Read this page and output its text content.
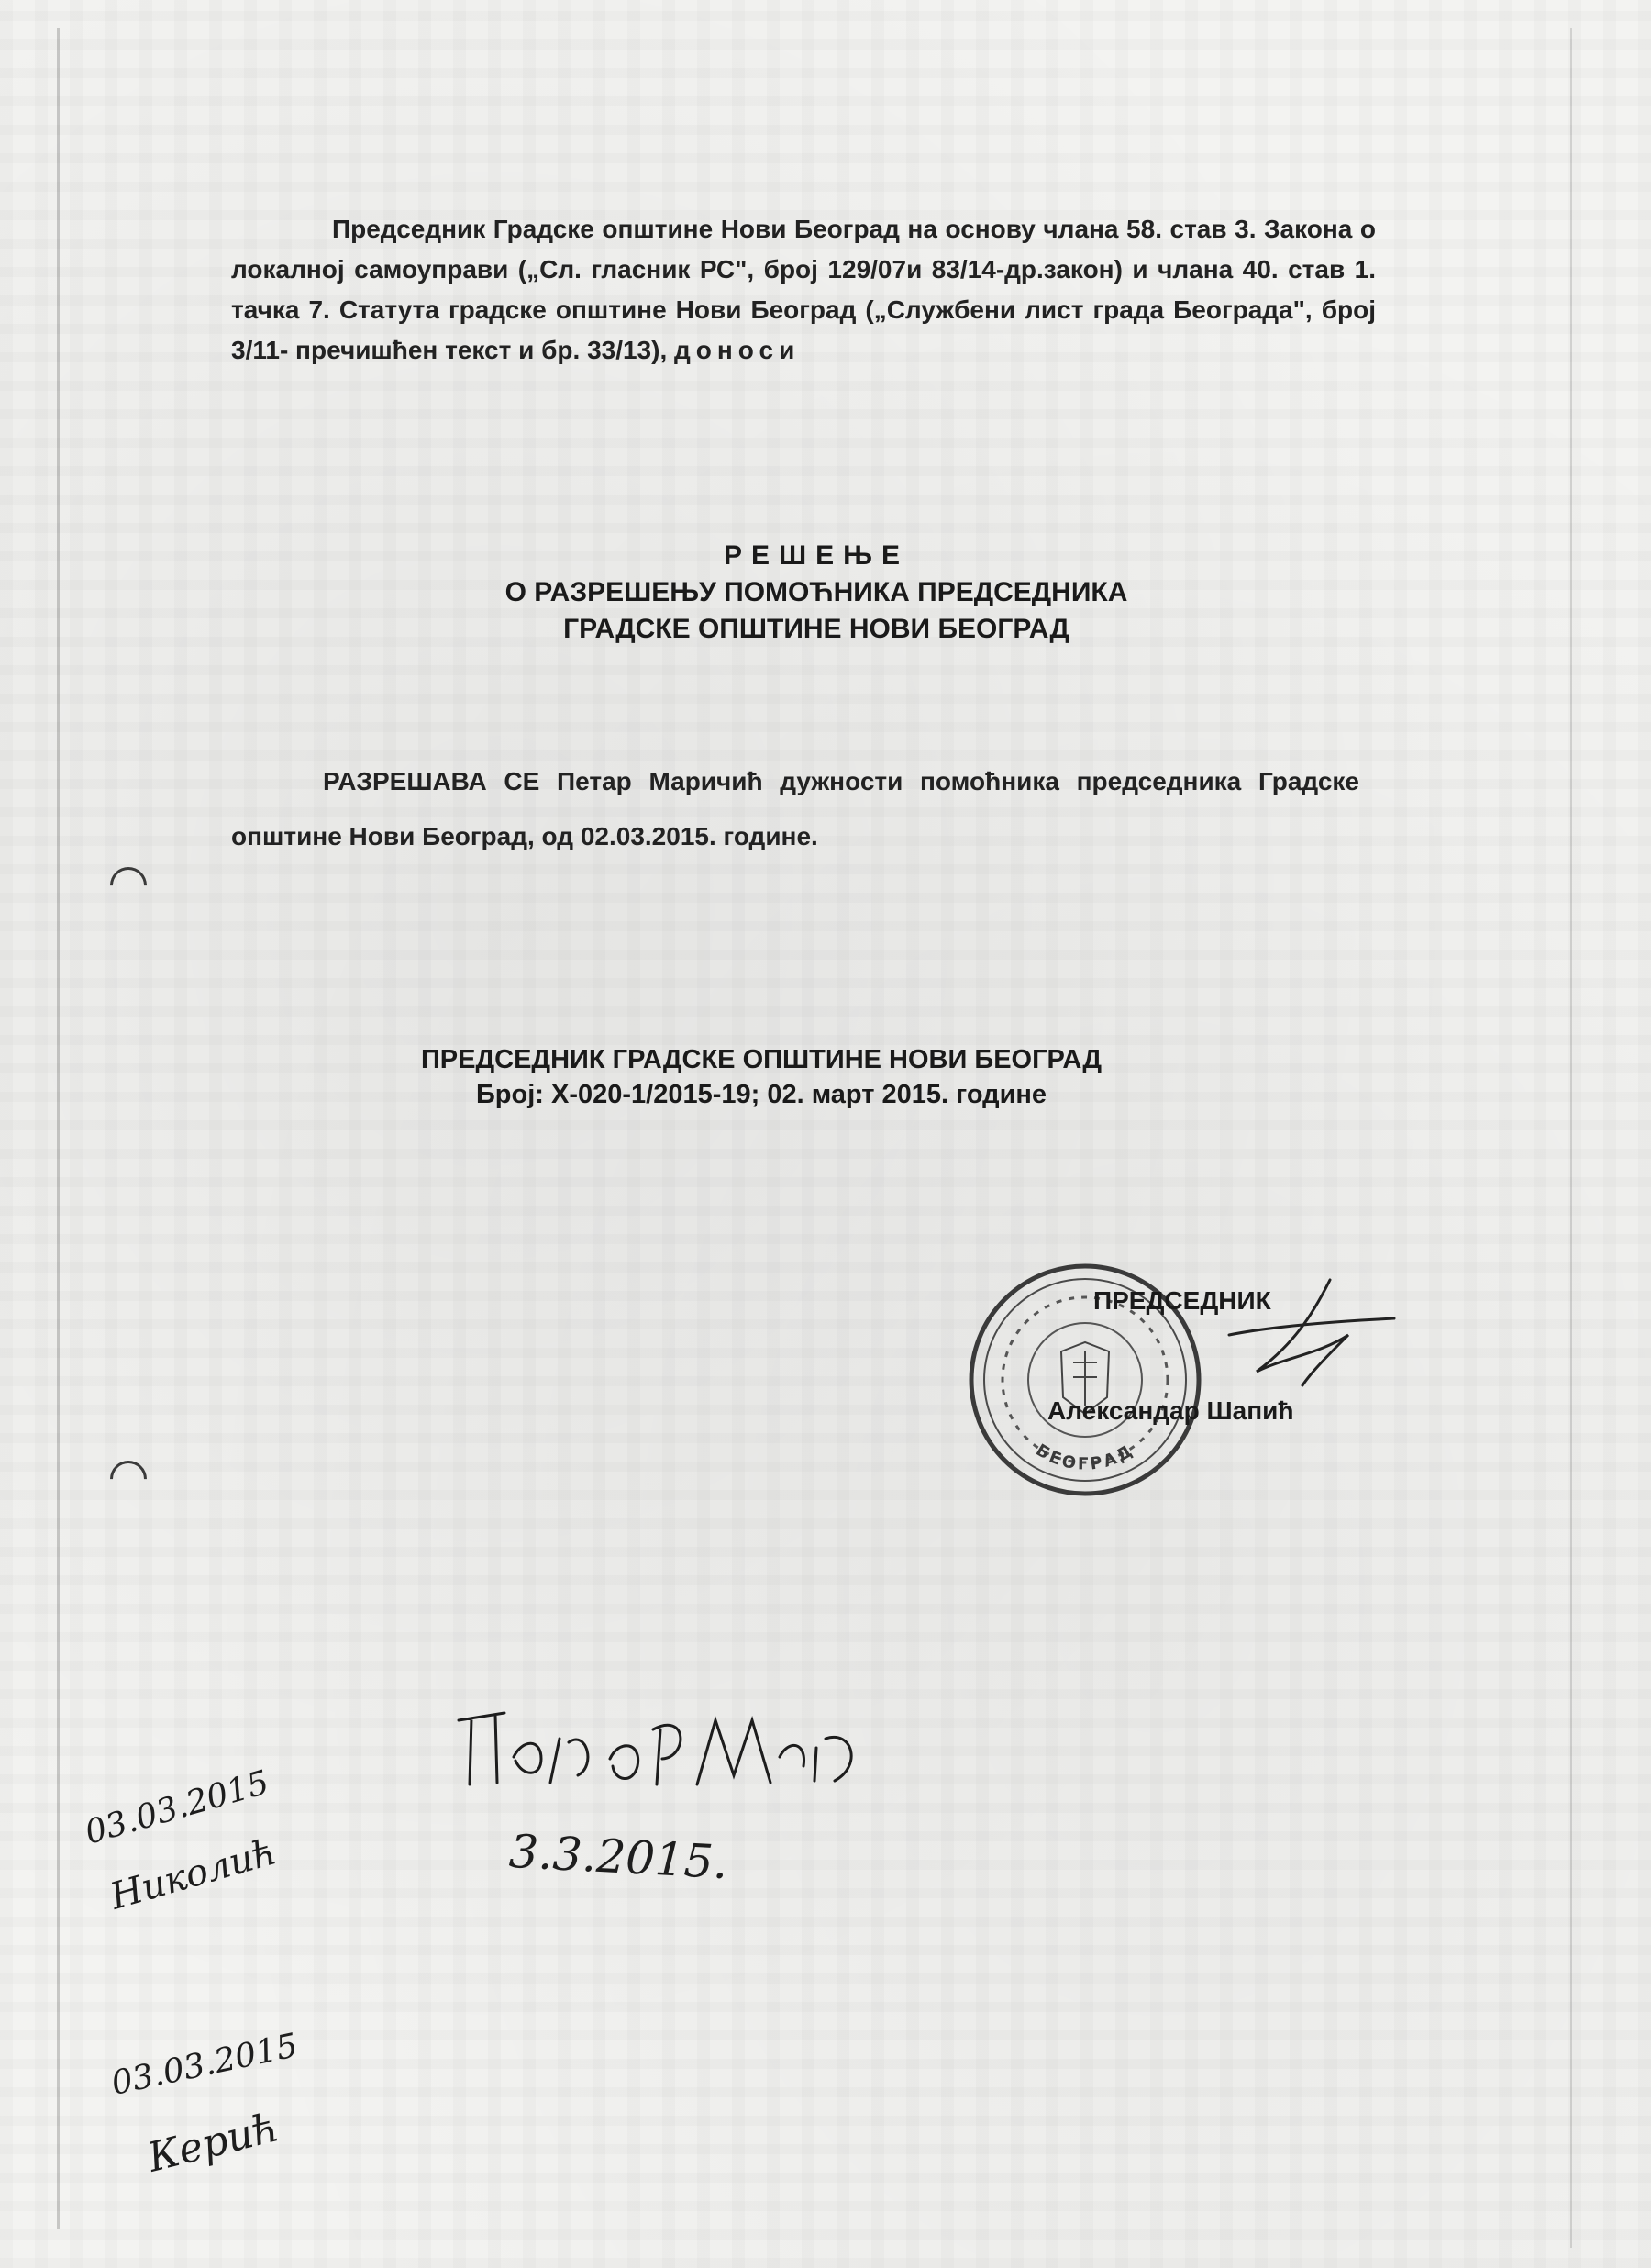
Председник Градске општине Нови Београд на основу члана 58. став 3. Закона о локалној самоуправи („Сл. гласник РС", број 129/07и 83/14-др.закон) и члана 40. став 1. тачка 7. Статута градске општине Нови Београд („Службени лист града Београда", број 3/11- пречишћен текст и бр. 33/13), доноси
РЕШЕЊЕ
О РАЗРЕШЕЊУ ПОМОЋНИКА ПРЕДСЕДНИКА
ГРАДСКЕ ОПШТИНЕ НОВИ БЕОГРАД
РАЗРЕШАВА СЕ Петар Маричић дужности помоћника председника Градске општине Нови Београд, од 02.03.2015. године.
ПРЕДСЕДНИК ГРАДСКЕ ОПШТИНЕ НОВИ БЕОГРАД
Број: X-020-1/2015-19; 02. март 2015. године
БЕОГРАД
ПРЕДСЕДНИК
Александар Шапић
3.3.2015.
03.03.2015
Николић
03.03.2015
Керић
